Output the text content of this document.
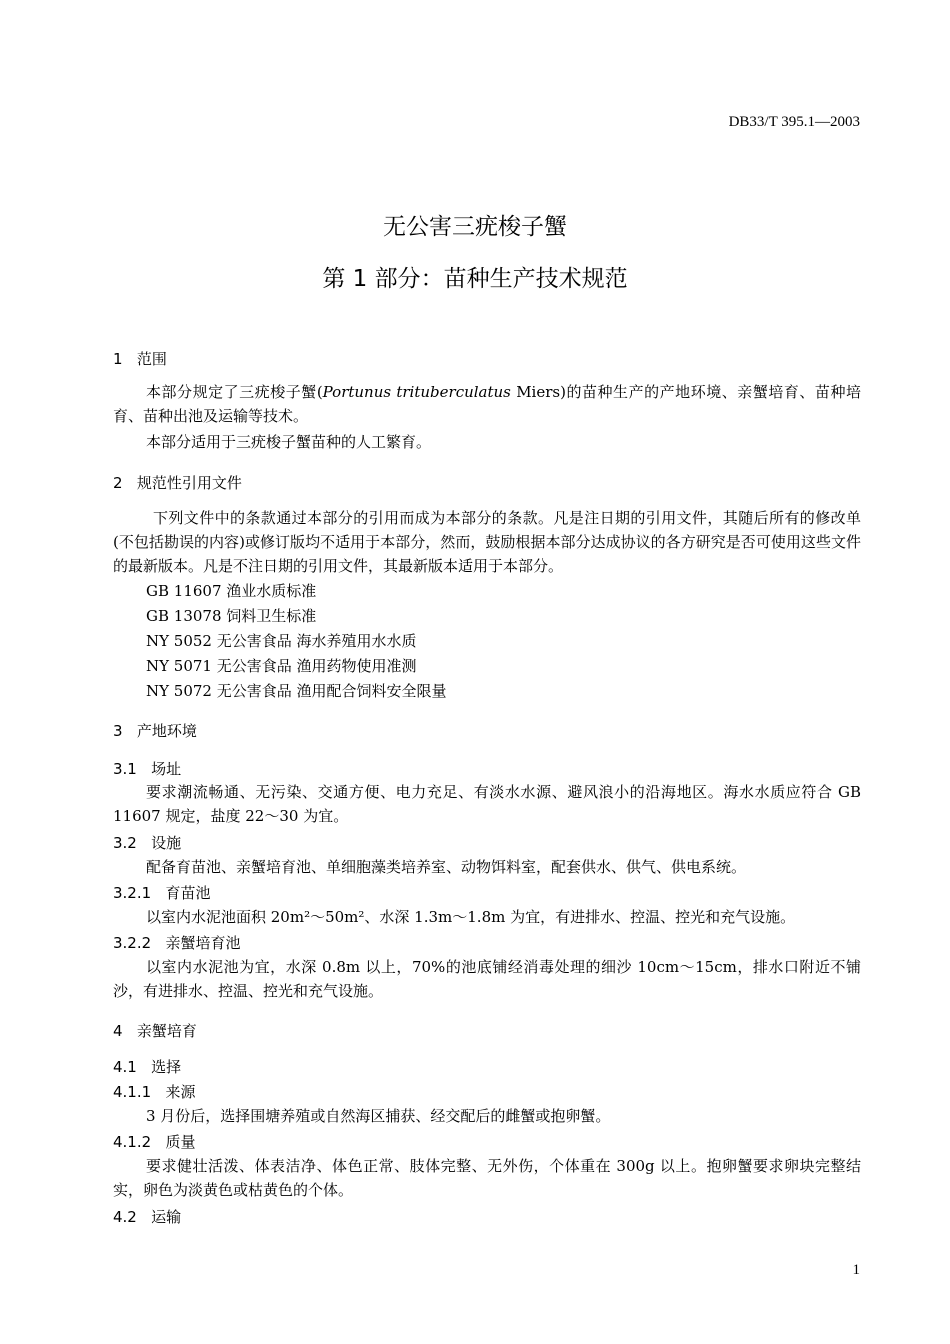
DB33/T 395.1—2003
无公害三疣梭子蟹
第 1 部分：苗种生产技术规范
1   范围
本部分规定了三疣梭子蟹(Portunus trituberculatus Miers)的苗种生产的产地环境、亲蟹培育、苗种培育、苗种出池及运输等技术。
本部分适用于三疣梭子蟹苗种的人工繁育。
2   规范性引用文件
下列文件中的条款通过本部分的引用而成为本部分的条款。凡是注日期的引用文件，其随后所有的修改单(不包括勘误的内容)或修订版均不适用于本部分，然而，鼓励根据本部分达成协议的各方研究是否可使用这些文件的最新版本。凡是不注日期的引用文件，其最新版本适用于本部分。
GB 11607 渔业水质标准
GB 13078 饲料卫生标准
NY 5052 无公害食品 海水养殖用水水质
NY 5071 无公害食品 渔用药物使用准测
NY 5072 无公害食品 渔用配合饲料安全限量
3   产地环境
3.1   场址
要求潮流畅通、无污染、交通方便、电力充足、有淡水水源、避风浪小的沿海地区。海水水质应符合 GB 11607 规定，盐度 22～30 为宜。
3.2   设施
配备育苗池、亲蟹培育池、单细胞藻类培养室、动物饵料室，配套供水、供气、供电系统。
3.2.1   育苗池
以室内水泥池面积 20m²～50m²、水深 1.3m～1.8m 为宜，有进排水、控温、控光和充气设施。
3.2.2   亲蟹培育池
以室内水泥池为宜，水深 0.8m 以上，70%的池底铺经消毒处理的细沙 10cm～15cm，排水口附近不铺沙，有进排水、控温、控光和充气设施。
4   亲蟹培育
4.1   选择
4.1.1   来源
3 月份后，选择围塘养殖或自然海区捕获、经交配后的雌蟹或抱卵蟹。
4.1.2   质量
要求健壮活泼、体表洁净、体色正常、肢体完整、无外伤，个体重在 300g 以上。抱卵蟹要求卵块完整结实，卵色为淡黄色或枯黄色的个体。
4.2   运输
1
